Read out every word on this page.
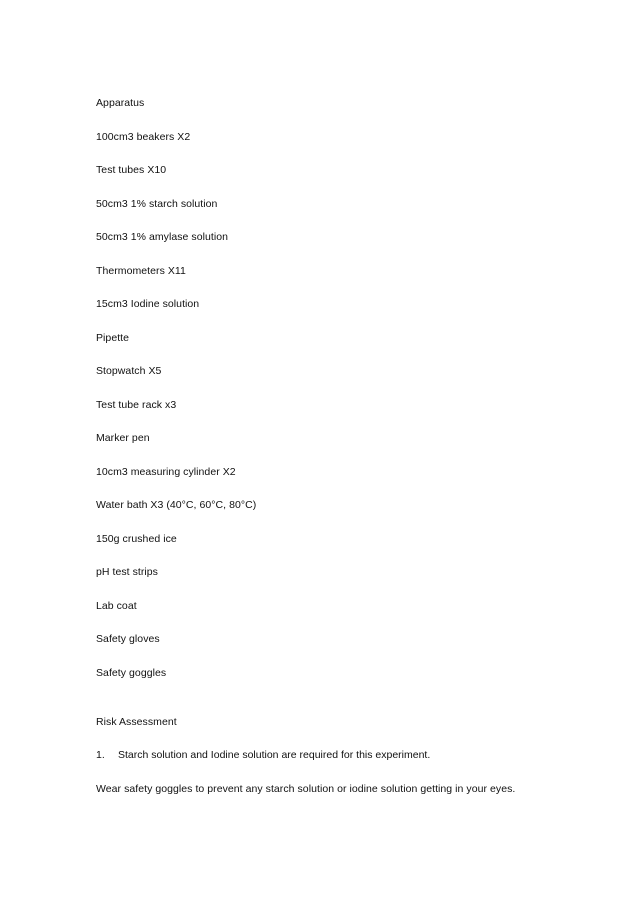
Apparatus
100cm3 beakers X2
Test tubes X10
50cm3 1% starch solution
50cm3 1% amylase solution
Thermometers X11
15cm3 Iodine solution
Pipette
Stopwatch X5
Test tube rack x3
Marker pen
10cm3 measuring cylinder X2
Water bath X3 (40°C, 60°C, 80°C)
150g crushed ice
pH test strips
Lab coat
Safety gloves
Safety goggles
Risk Assessment
1. Starch solution and Iodine solution are required for this experiment.
Wear safety goggles to prevent any starch solution or iodine solution getting in your eyes.
